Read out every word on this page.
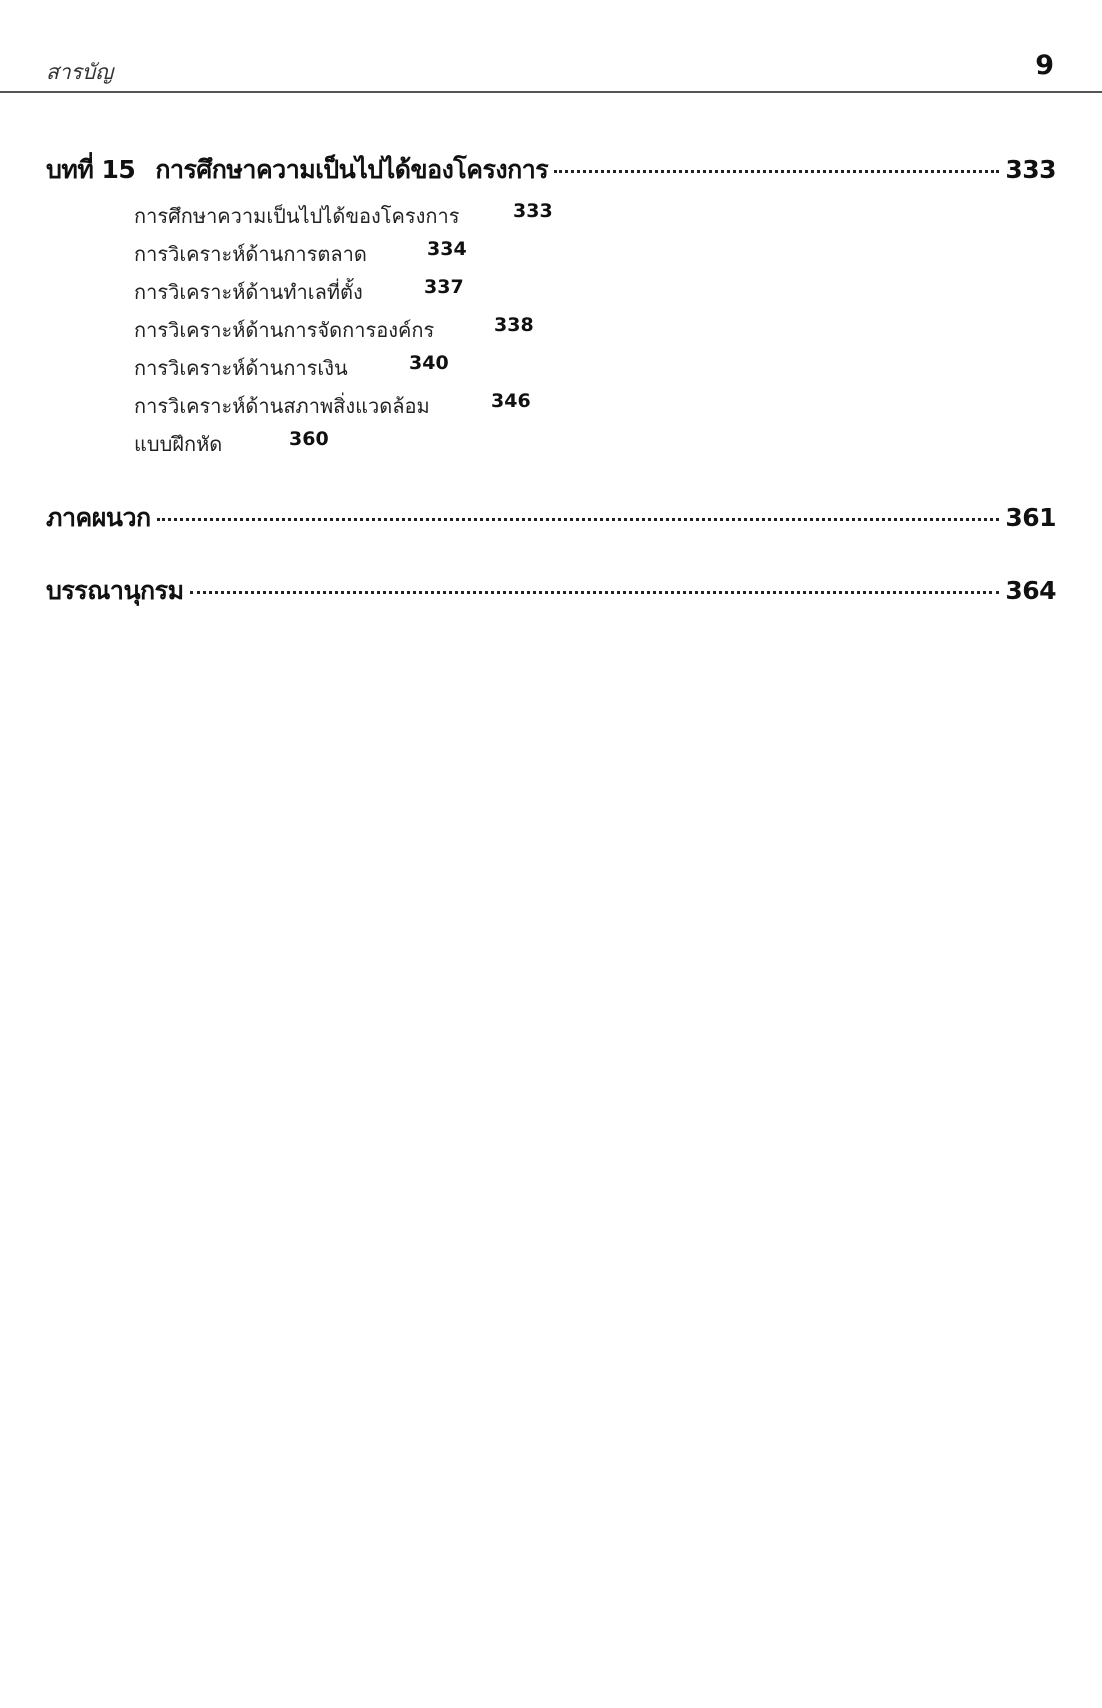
สารบัญ	9
บทที่ 15 การศึกษาความเป็นไปได้ของโครงการ	333
การศึกษาความเป็นไปได้ของโครงการ	333
การวิเคราะห์ด้านการตลาด	334
การวิเคราะห์ด้านทำเลที่ตั้ง	337
การวิเคราะห์ด้านการจัดการองค์กร	338
การวิเคราะห์ด้านการเงิน	340
การวิเคราะห์ด้านสภาพสิ่งแวดล้อม	346
แบบฝึกหัด	360
ภาคผนวก	361
บรรณานุกรม	364
